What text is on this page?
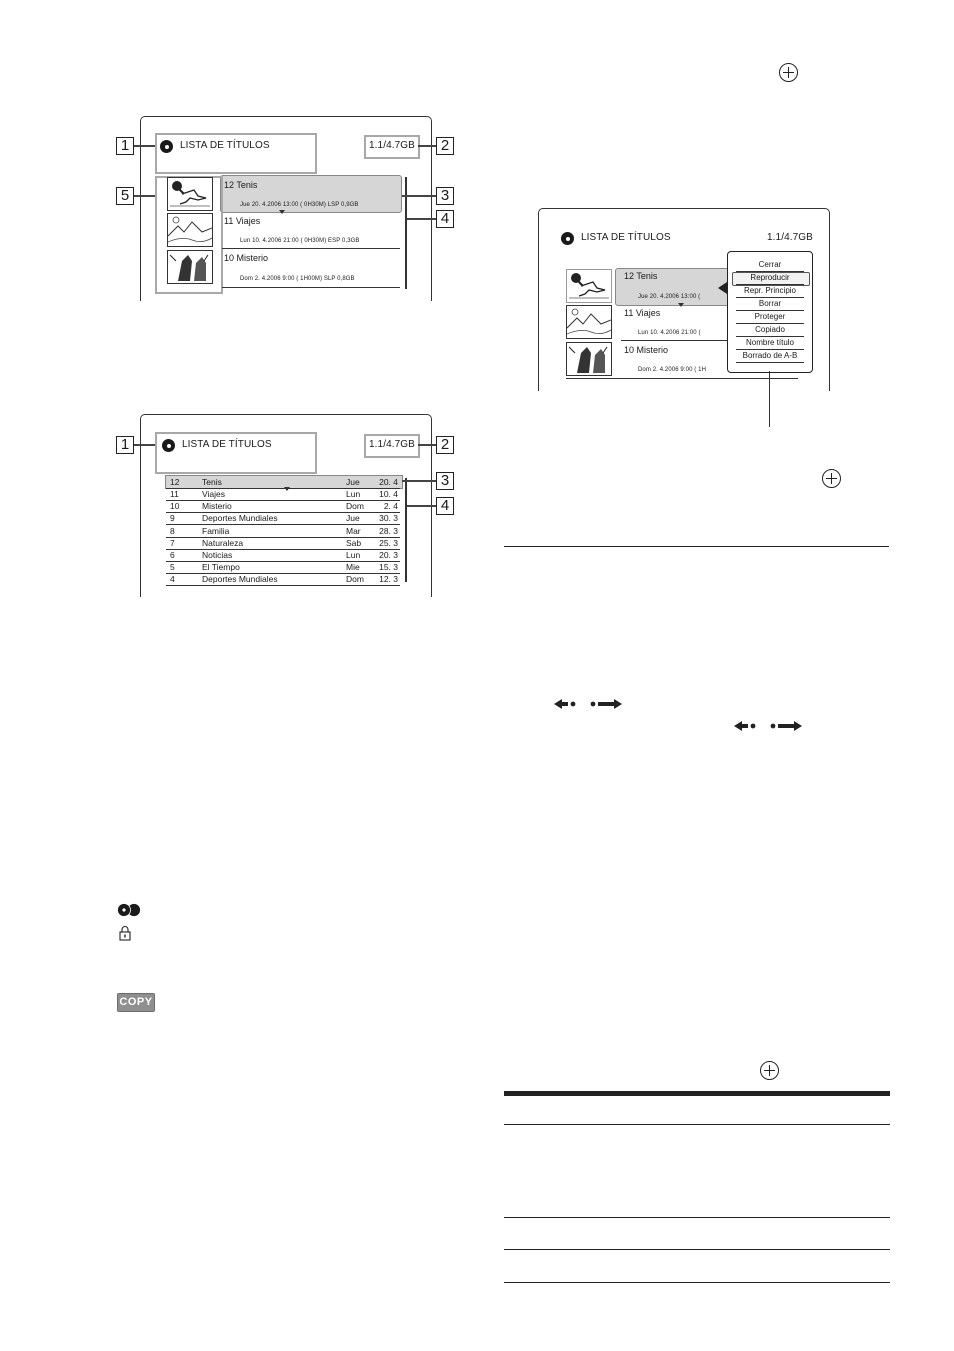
LISTA DE TÍTULOS	1.1/4.7GB
12 Tenis
Jue 20. 4.2006 13:00 ( 0H30M) LSP 0,9GB
11 Viajes
Lun 10. 4.2006 21:00 ( 0H30M) ESP 0,3GB
10 Misterio
Dom 2. 4.2006 9:00 ( 1H00M) SLP 0,8GB
1	2
3
4
5
LISTA DE TÍTULOS	1.1/4.7GB
12	Tenis	Jue	20. 4
11	Viajes	Lun	10. 4
10	Misterio	Dom	2. 4
9	Deportes Mundiales	Jue	30. 3
8	Familia	Mar	28. 3
7	Naturaleza	Sab	25. 3
6	Noticias	Lun	20. 3
5	El Tiempo	Mie	15. 3
4	Deportes Mundiales	Dom	12. 3
1	2
3
4
LISTA DE TÍTULOS	1.1/4.7GB
12 Tenis
Jue 20. 4.2006 13:00 (
11 Viajes
Lun 10. 4.2006 21:00 (
10 Misterio
Dom 2. 4.2006 9:00 ( 1H
Cerrar
Reproducir
Repr. Principio
Borrar
Proteger
Copiado
Nombre título
Borrado de A-B
COPY
